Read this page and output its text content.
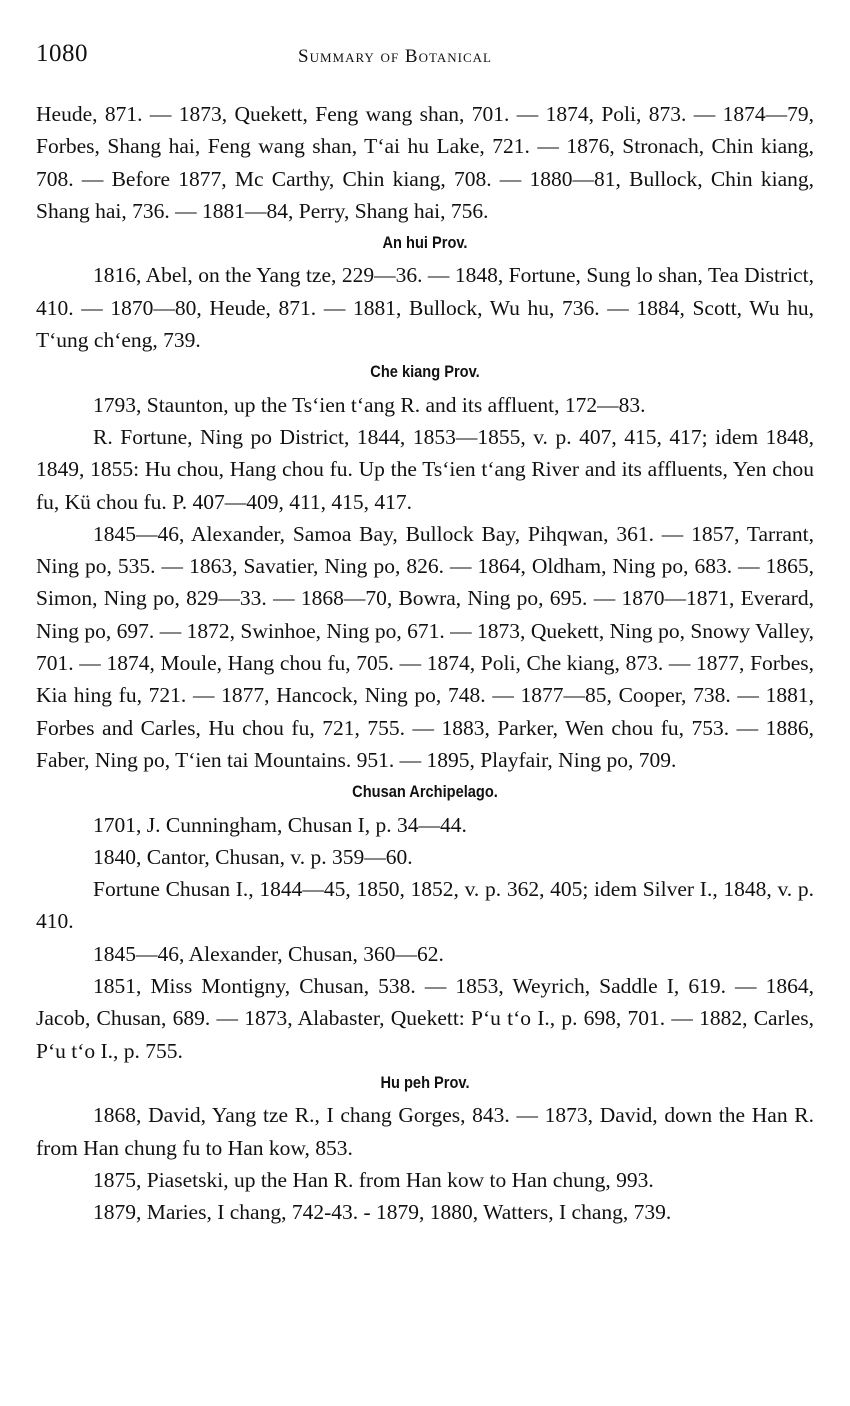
1080	Summary of Botanical

Heude, 871. — 1873, Quekett, Feng wang shan, 701. — 1874, Poli, 873. — 1874—79, Forbes, Shang hai, Feng wang shan, Tʻai hu Lake, 721. — 1876, Stronach, Chin kiang, 708. — Before 1877, Mc Carthy, Chin kiang, 708. — 1880—81, Bullock, Chin kiang, Shang hai, 736. — 1881—84, Perry, Shang hai, 756.

An hui Prov.

1816, Abel, on the Yang tze, 229—36. — 1848, Fortune, Sung lo shan, Tea District, 410. — 1870—80, Heude, 871. — 1881, Bullock, Wu hu, 736. — 1884, Scott, Wu hu, Tʻung chʻeng, 739.

Che kiang Prov.

1793, Staunton, up the Tsʻien tʻang R. and its affluent, 172—83.

R. Fortune, Ning po District, 1844, 1853—1855, v. p. 407, 415, 417; idem 1848, 1849, 1855: Hu chou, Hang chou fu. Up the Tsʻien tʻang River and its affluents, Yen chou fu, Kü chou fu. P. 407—409, 411, 415, 417.

1845—46, Alexander, Samoa Bay, Bullock Bay, Pihqwan, 361. — 1857, Tarrant, Ning po, 535. — 1863, Savatier, Ning po, 826. — 1864, Oldham, Ning po, 683. — 1865, Simon, Ning po, 829—33. — 1868—70, Bowra, Ning po, 695. — 1870—1871, Everard, Ning po, 697. — 1872, Swinhoe, Ning po, 671. — 1873, Quekett, Ning po, Snowy Valley, 701. — 1874, Moule, Hang chou fu, 705. — 1874, Poli, Che kiang, 873. — 1877, Forbes, Kia hing fu, 721. — 1877, Hancock, Ning po, 748. — 1877—85, Cooper, 738. — 1881, Forbes and Carles, Hu chou fu, 721, 755. — 1883, Parker, Wen chou fu, 753. — 1886, Faber, Ning po, Tʻien tai Mountains. 951. — 1895, Playfair, Ning po, 709.

Chusan Archipelago.

1701, J. Cunningham, Chusan I, p. 34—44.

1840, Cantor, Chusan, v. p. 359—60.

Fortune Chusan I., 1844—45, 1850, 1852, v. p. 362, 405; idem Silver I., 1848, v. p. 410.

1845—46, Alexander, Chusan, 360—62.

1851, Miss Montigny, Chusan, 538. — 1853, Weyrich, Saddle I, 619. — 1864, Jacob, Chusan, 689. — 1873, Alabaster, Quekett: Pʻu tʻo I., p. 698, 701. — 1882, Carles, Pʻu tʻo I., p. 755.

Hu peh Prov.

1868, David, Yang tze R., I chang Gorges, 843. — 1873, David, down the Han R. from Han chung fu to Han kow, 853.

1875, Piasetski, up the Han R. from Han kow to Han chung, 993.

1879, Maries, I chang, 742-43. - 1879, 1880, Watters, I chang, 739.
